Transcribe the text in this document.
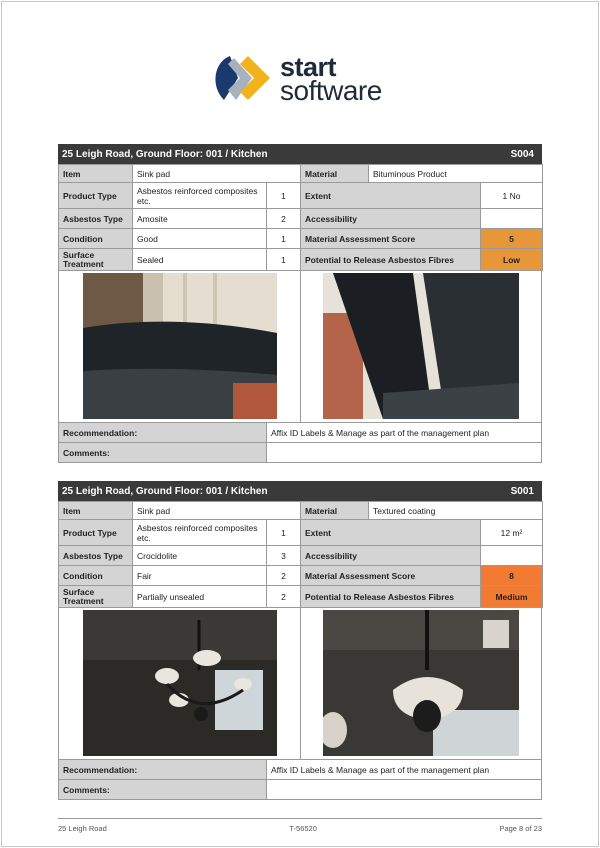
start
software
25 Leigh Road, Ground Floor: 001 / Kitchen	S004
Item	Sink pad		Material	Bituminous Product	
Product Type	Asbestos reinforced composites etc.	1	Extent		1 No
Asbestos Type	Amosite	2	Accessibility		
Condition	Good	1	Material Assessment Score		5
Surface Treatment	Sealed	1	Potential to Release Asbestos Fibres		Low
Recommendation:	Affix ID Labels & Manage as part of the management plan
Comments:
25 Leigh Road, Ground Floor: 001 / Kitchen	S001
Item	Sink pad		Material	Textured coating	
Product Type	Asbestos reinforced composites etc.	1	Extent		12 m²
Asbestos Type	Crocidolite	3	Accessibility		
Condition	Fair	2	Material Assessment Score		8
Surface Treatment	Partially unsealed	2	Potential to Release Asbestos Fibres		Medium
Recommendation:	Affix ID Labels & Manage as part of the management plan
Comments:
25 Leigh Road	T-56520	Page 8 of 23
